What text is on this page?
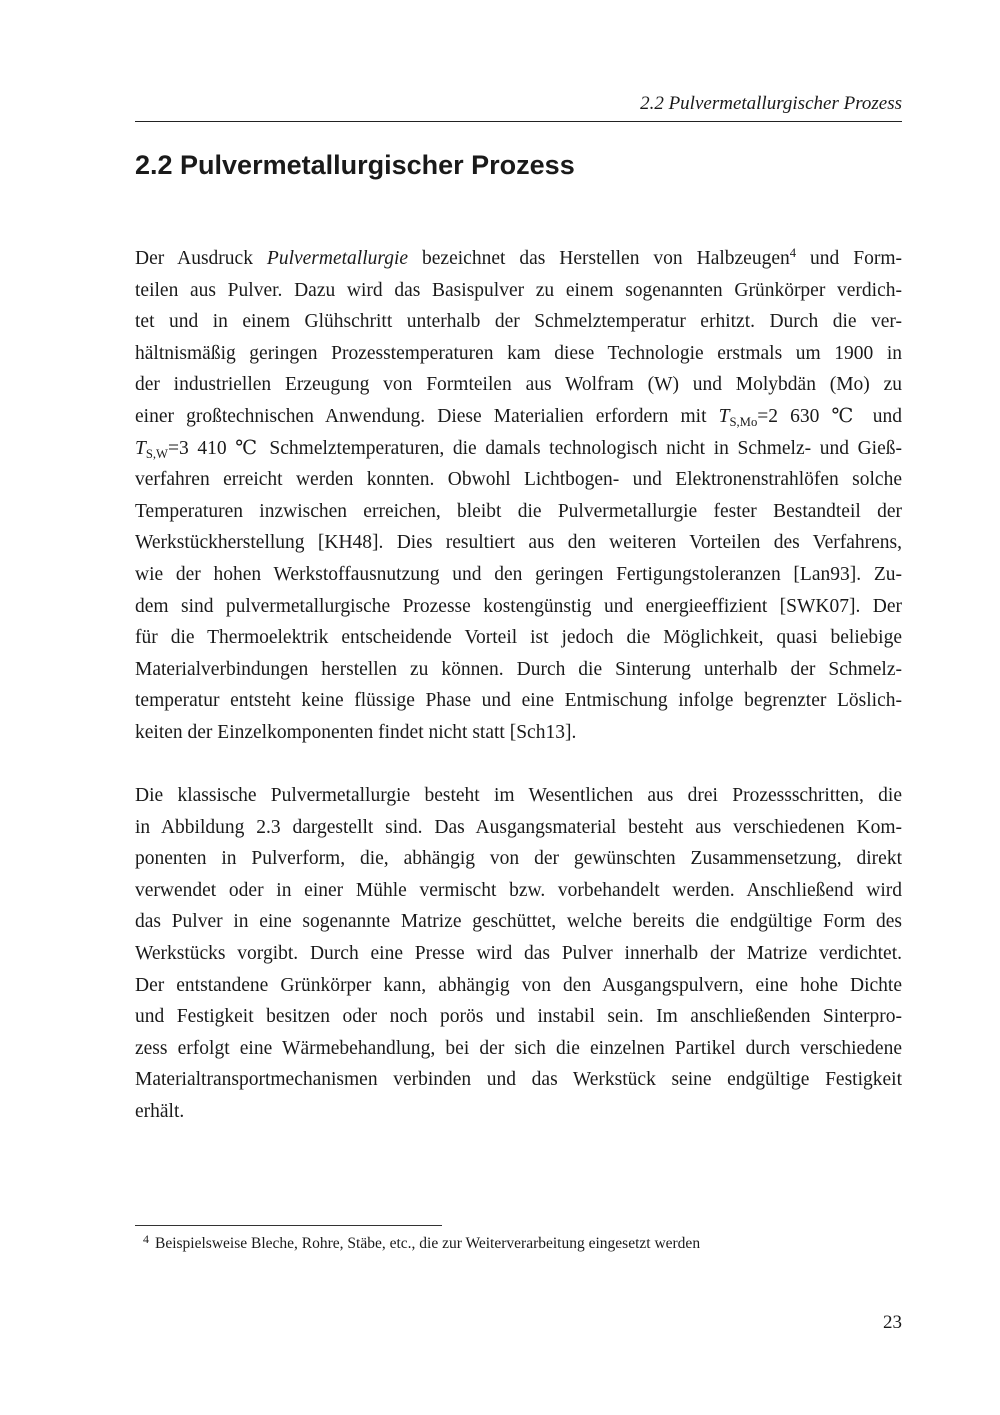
2.2 Pulvermetallurgischer Prozess
2.2 Pulvermetallurgischer Prozess
Der Ausdruck Pulvermetallurgie bezeichnet das Herstellen von Halbzeugen$^4$ und Form-
teilen aus Pulver. Dazu wird das Basispulver zu einem sogenannten Grünkörper verdich-
tet und in einem Glühschritt unterhalb der Schmelztemperatur erhitzt. Durch die ver-
hältnismäßig geringen Prozesstemperaturen kam diese Technologie erstmals um 1900 in
der industriellen Erzeugung von Formteilen aus Wolfram (W) und Molybdän (Mo) zu
einer großtechnischen Anwendung. Diese Materialien erfordern mit $T_{S,Mo}=2$ 630 ℃ und
$T_{S,W}=3$ 410 ℃ Schmelztemperaturen, die damals technologisch nicht in Schmelz- und Gieß-
verfahren erreicht werden konnten. Obwohl Lichtbogen- und Elektronenstrahlöfen solche
Temperaturen inzwischen erreichen, bleibt die Pulvermetallurgie fester Bestandteil der
Werkstückherstellung [KH48]. Dies resultiert aus den weiteren Vorteilen des Verfahrens,
wie der hohen Werkstoffausnutzung und den geringen Fertigungstoleranzen [Lan93]. Zu-
dem sind pulvermetallurgische Prozesse kostengünstig und energieeffizient [SWK07]. Der
für die Thermoelektrik entscheidende Vorteil ist jedoch die Möglichkeit, quasi beliebige
Materialverbindungen herstellen zu können. Durch die Sinterung unterhalb der Schmelz-
temperatur entsteht keine flüssige Phase und eine Entmischung infolge begrenzter Löslich-
keiten der Einzelkomponenten findet nicht statt [Sch13].
Die klassische Pulvermetallurgie besteht im Wesentlichen aus drei Prozessschritten, die
in Abbildung 2.3 dargestellt sind. Das Ausgangsmaterial besteht aus verschiedenen Kom-
ponenten in Pulverform, die, abhängig von der gewünschten Zusammensetzung, direkt
verwendet oder in einer Mühle vermischt bzw. vorbehandelt werden. Anschließend wird
das Pulver in eine sogenannte Matrize geschüttet, welche bereits die endgültige Form des
Werkstücks vorgibt. Durch eine Presse wird das Pulver innerhalb der Matrize verdichtet.
Der entstandene Grünkörper kann, abhängig von den Ausgangspulvern, eine hohe Dichte
und Festigkeit besitzen oder noch porös und instabil sein. Im anschließenden Sinterpro-
zess erfolgt eine Wärmebehandlung, bei der sich die einzelnen Partikel durch verschiedene
Materialtransportmechanismen verbinden und das Werkstück seine endgültige Festigkeit
erhält.
$^4$ Beispielsweise Bleche, Rohre, Stäbe, etc., die zur Weiterverarbeitung eingesetzt werden
23
